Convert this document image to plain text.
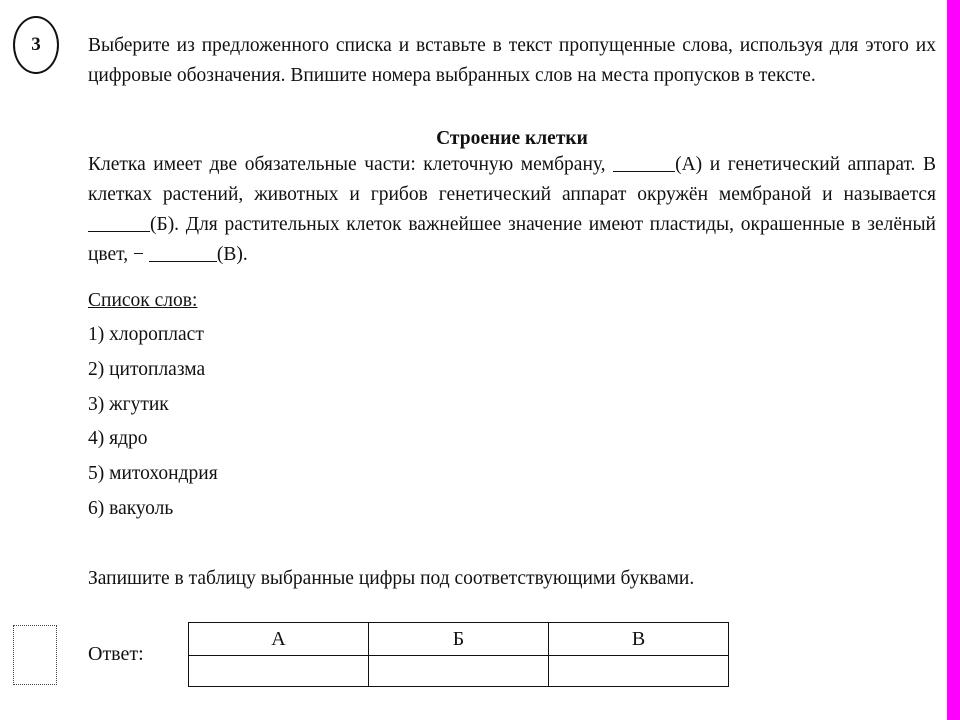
3 Выберите из предложенного списка и вставьте в текст пропущенные слова, используя для этого их цифровые обозначения. Впишите номера выбранных слов на места пропусков в тексте.
Строение клетки
Клетка имеет две обязательные части: клеточную мембрану,	(А) и генетический аппарат. В клетках растений, животных и грибов генетический аппарат окружён мембраной и называется (Б). Для растительных клеток важнейшее значение имеют пластиды, окрашенные в зелёный цвет, −	(В).
Список слов:
1) хлоропласт
2) цитоплазма
3) жгутик
4) ядро
5) митохондрия
6) вакуоль
Запишите в таблицу выбранные цифры под соответствующими буквами.
Ответ:
А	Б	В
